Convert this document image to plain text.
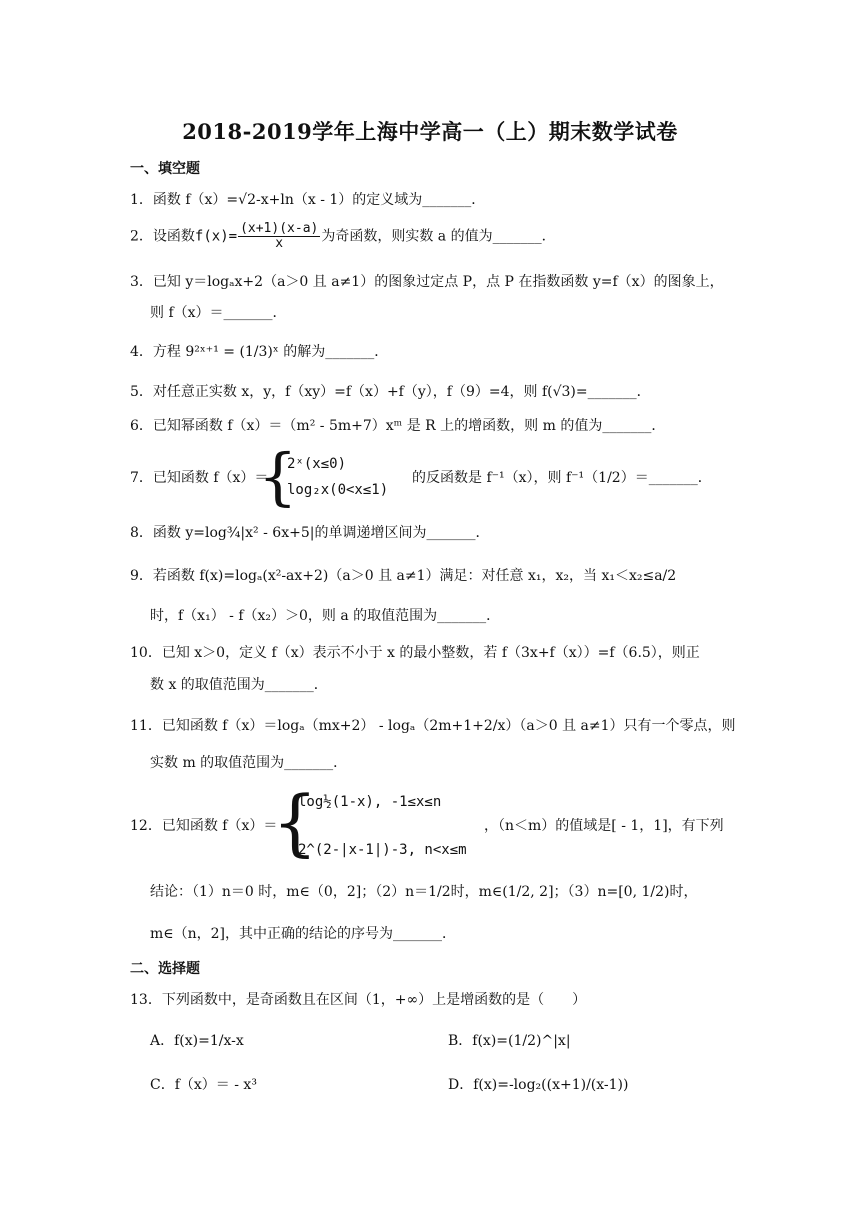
2018-2019学年上海中学高一（上）期末数学试卷
一、填空题
1．函数 f（x）=√2-x+ln（x - 1）的定义域为_______．
2．设函数$f(x)= \frac{(x+1)(x-a)}{x}$ 为奇函数，则实数 a 的值为_______．
3．已知 y＝logₐx+2（a＞0 且 a≠1）的图象过定点 P，点 P 在指数函数 y=f（x）的图象上，
则 f（x）＝_______．
4．方程 9²ˣ⁺¹ = (1/3)ˣ 的解为_______．
5．对任意正实数 x，y，f（xy）=f（x）+f（y），f（9）=4，则 f(√3)=_______．
6．已知幂函数 f（x）＝（m² - 5m+7）xᵐ 是 R 上的增函数，则 m 的值为_______．
7．已知函数 f（x）＝
{
2ˣ(x≤0)
log₂x(0<x≤1)
的反函数是 f⁻¹（x），则 f⁻¹（1/2）＝_______．
8．函数 y=log¾|x² - 6x+5|的单调递增区间为_______．
9．若函数 f(x)=logₐ(x²-ax+2)（a＞0 且 a≠1）满足：对任意 x₁，x₂，当 x₁＜x₂≤a/2
时，f（x₁） - f（x₂）＞0，则 a 的取值范围为_______．
10．已知 x＞0，定义 f（x）表示不小于 x 的最小整数，若 f（3x+f（x））=f（6.5），则正
数 x 的取值范围为_______．
11．已知函数 f（x）＝logₐ（mx+2） - logₐ（2m+1+2/x）（a＞0 且 a≠1）只有一个零点，则
实数 m 的取值范围为_______．
12．已知函数 f（x）＝
{
log½(1-x), -1≤x≤n
2^(2-|x-1|)-3, n<x≤m
，（n＜m）的值域是[ - 1，1]，有下列
结论：（1）n＝0 时，m∈（0，2]；（2）n＝1/2时，m∈(1/2, 2]；（3）n=[0, 1/2)时，
m∈（n，2]，其中正确的结论的序号为_______．
二、选择题
13．下列函数中，是奇函数且在区间（1，+∞）上是增函数的是（　　）
A．f(x)=1/x-x	B．f(x)=(1/2)^|x|
C．f（x）＝ - x³	D．f(x)=-log₂((x+1)/(x-1))
